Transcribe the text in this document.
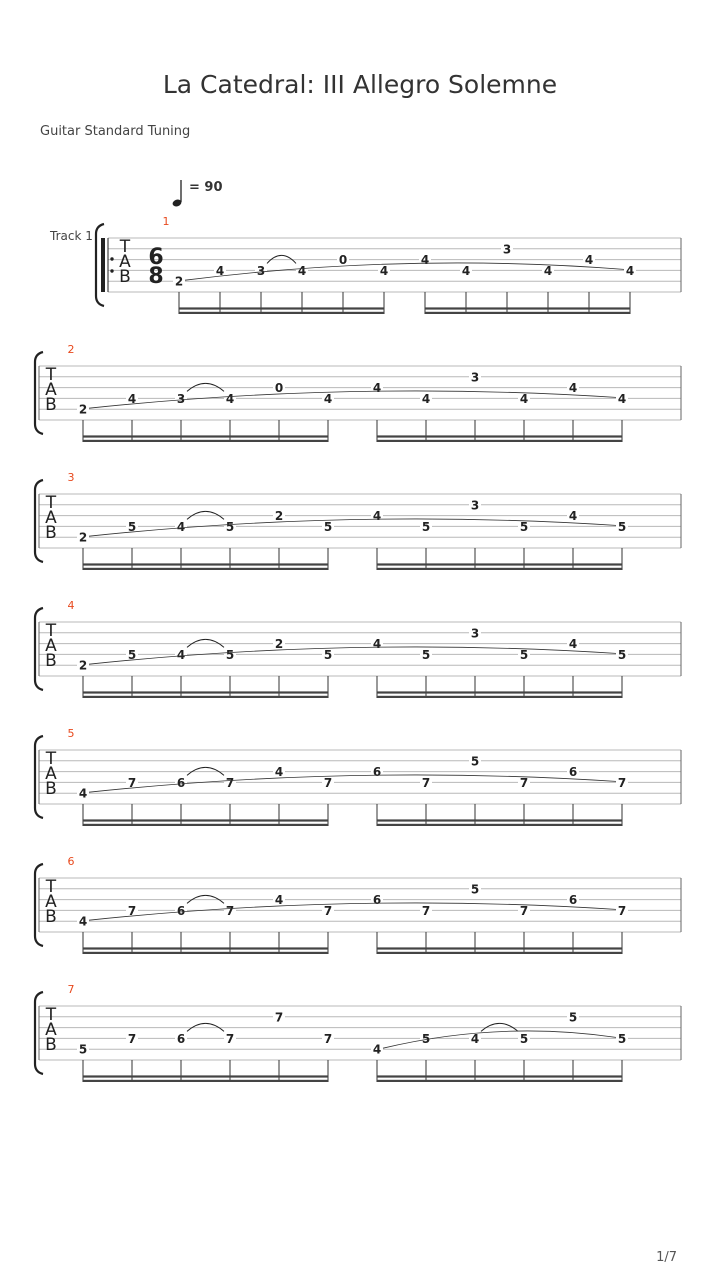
La Catedral: III Allegro Solemne
Guitar Standard Tuning
= 90
Track 1
T
A
B
6
8
1
2
4	3	4
0
4
4
4
3
4
4
4
T
A
B
2
2
4	3	4
0
4
4
4
3
4
4
4
T
A
B
3
2
5	4	5
2
5
4
5
3
5
4
5
T
A
B
4
2
5	4	5
2
5
4
5
3
5
4
5
T
A
B
5
4
7	6	7
4
7
6
7
5
7
6
7
T
A
B
6
4
7	6	7
4
7
6
7
5
7
6
7
T
A
B
7
5
7	6	7
7
7
4
5	4	5
5
5
1/7
